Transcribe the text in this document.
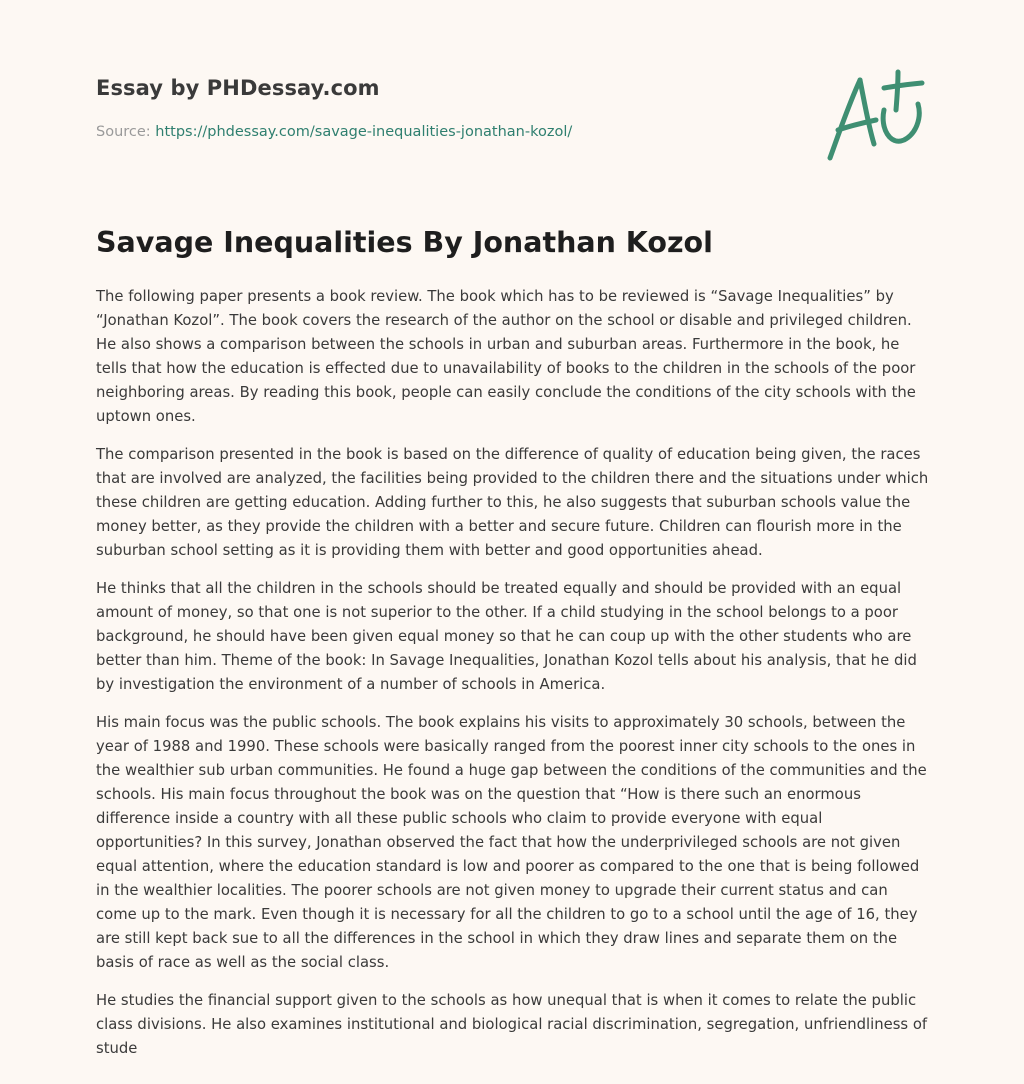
Essay by PHDessay.com
Source: https://phdessay.com/savage-inequalities-jonathan-kozol/
Savage Inequalities By Jonathan Kozol

The following paper presents a book review. The book which has to be reviewed is “Savage Inequalities” by “Jonathan Kozol”. The book covers the research of the author on the school or disable and privileged children. He also shows a comparison between the schools in urban and suburban areas. Furthermore in the book, he tells that how the education is effected due to unavailability of books to the children in the schools of the poor neighboring areas. By reading this book, people can easily conclude the conditions of the city schools with the uptown ones.

The comparison presented in the book is based on the difference of quality of education being given, the races that are involved are analyzed, the facilities being provided to the children there and the situations under which these children are getting education. Adding further to this, he also suggests that suburban schools value the money better, as they provide the children with a better and secure future. Children can flourish more in the suburban school setting as it is providing them with better and good opportunities ahead.

He thinks that all the children in the schools should be treated equally and should be provided with an equal amount of money, so that one is not superior to the other. If a child studying in the school belongs to a poor background, he should have been given equal money so that he can coup up with the other students who are better than him. Theme of the book: In Savage Inequalities, Jonathan Kozol tells about his analysis, that he did by investigation the environment of a number of schools in America.

His main focus was the public schools. The book explains his visits to approximately 30 schools, between the year of 1988 and 1990. These schools were basically ranged from the poorest inner city schools to the ones in the wealthier sub urban communities. He found a huge gap between the conditions of the communities and the schools. His main focus throughout the book was on the question that “How is there such an enormous difference inside a country with all these public schools who claim to provide everyone with equal opportunities? In this survey, Jonathan observed the fact that how the underprivileged schools are not given equal attention, where the education standard is low and poorer as compared to the one that is being followed in the wealthier localities. The poorer schools are not given money to upgrade their current status and can come up to the mark. Even though it is necessary for all the children to go to a school until the age of 16, they are still kept back sue to all the differences in the school in which they draw lines and separate them on the basis of race as well as the social class.

He studies the financial support given to the schools as how unequal that is when it comes to relate the public class divisions. He also examines institutional and biological racial discrimination, segregation, unfriendliness of stude
